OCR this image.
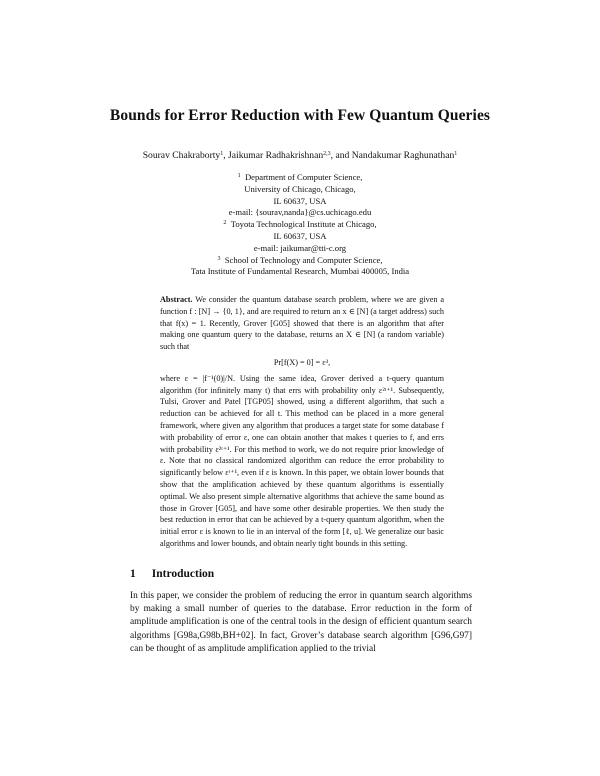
Bounds for Error Reduction with Few Quantum Queries
Sourav Chakraborty$^1$, Jaikumar Radhakrishnan$^{2,3}$, and Nandakumar Raghunathan$^1$
$^1$ Department of Computer Science,
University of Chicago, Chicago,
IL 60637, USA
e-mail: {sourav,nanda}@cs.uchicago.edu
$^2$ Toyota Technological Institute at Chicago,
IL 60637, USA
e-mail: jaikumar@tti-c.org
$^3$ School of Technology and Computer Science,
Tata Institute of Fundamental Research, Mumbai 400005, India
Abstract. We consider the quantum database search problem, where we are given a function f : [N] → {0, 1}, and are required to return an x ∈ [N] (a target address) such that f(x) = 1. Recently, Grover [G05] showed that there is an algorithm that after making one quantum query to the database, returns an X ∈ [N] (a random variable) such that
Pr[f(X) = 0] = ε³,
where ε = |f⁻¹(0)|/N. Using the same idea, Grover derived a t-query quantum algorithm (for infinitely many t) that errs with probability only ε²ᵗ⁺¹. Subsequently, Tulsi, Grover and Patel [TGP05] showed, using a different algorithm, that such a reduction can be achieved for all t. This method can be placed in a more general framework, where given any algorithm that produces a target state for some database f with probability of error ε, one can obtain another that makes t queries to f, and errs with probability ε²ᵗ⁺¹. For this method to work, we do not require prior knowledge of ε. Note that no classical randomized algorithm can reduce the error probability to significantly below εᵗ⁺¹, even if ε is known. In this paper, we obtain lower bounds that show that the amplification achieved by these quantum algorithms is essentially optimal. We also present simple alternative algorithms that achieve the same bound as those in Grover [G05], and have some other desirable properties. We then study the best reduction in error that can be achieved by a t-query quantum algorithm, when the initial error ε is known to lie in an interval of the form [ℓ, u]. We generalize our basic algorithms and lower bounds, and obtain nearly tight bounds in this setting.
1 Introduction
In this paper, we consider the problem of reducing the error in quantum search algorithms by making a small number of queries to the database. Error reduction in the form of amplitude amplification is one of the central tools in the design of efficient quantum search algorithms [G98a,G98b,BH+02]. In fact, Grover’s database search algorithm [G96,G97] can be thought of as amplitude amplification applied to the trivial
